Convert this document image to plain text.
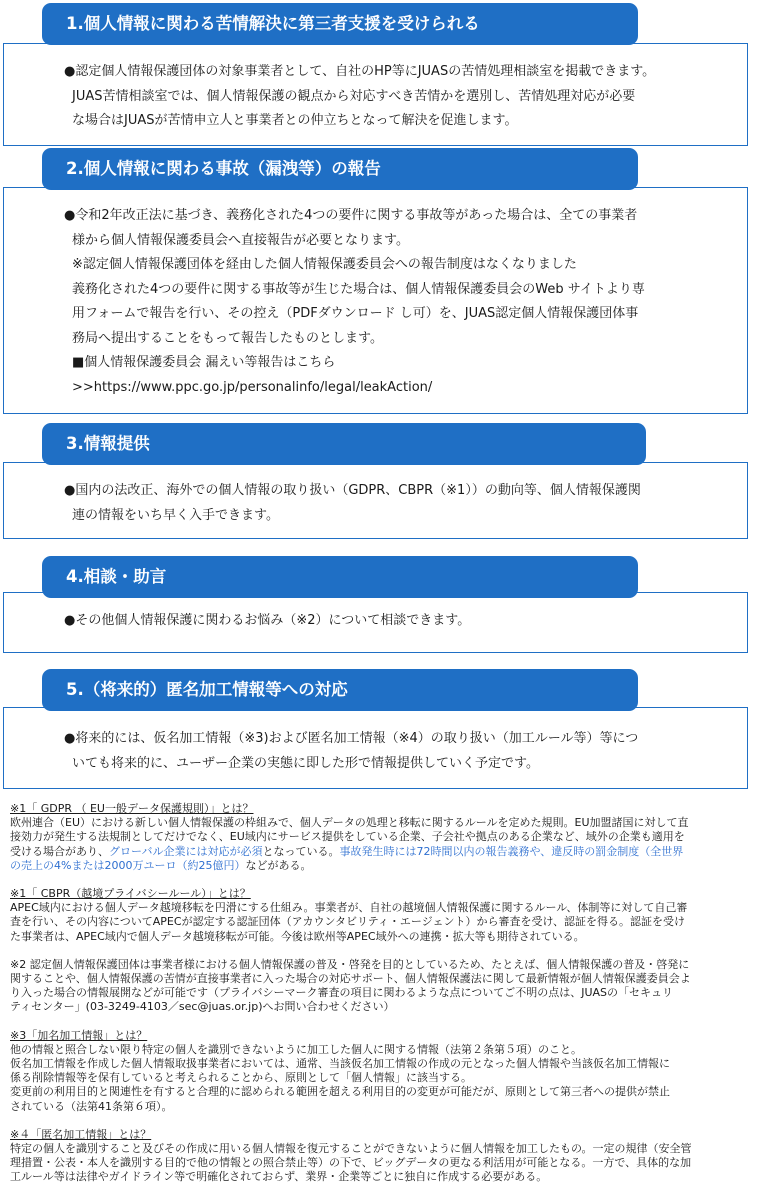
1.個人情報に関わる苦情解決に第三者支援を受けられる
●認定個人情報保護団体の対象事業者として、自社のHP等にJUASの苦情処理相談室を掲載できます。
JUAS苦情相談室では、個人情報保護の観点から対応すべき苦情かを選別し、苦情処理対応が必要
な場合はJUASが苦情申立人と事業者との仲立ちとなって解決を促進します。
2.個人情報に関わる事故（漏洩等）の報告
●令和2年改正法に基づき、義務化された4つの要件に関する事故等があった場合は、全ての事業者
様から個人情報保護委員会へ直接報告が必要となります。
※認定個人情報保護団体を経由した個人情報保護委員会への報告制度はなくなりました
義務化された4つの要件に関する事故等が生じた場合は、個人情報保護委員会のWeb サイトより専
用フォームで報告を行い、その控え（PDFダウンロード し可）を、JUAS認定個人情報保護団体事
務局へ提出することをもって報告したものとします。
■個人情報保護委員会 漏えい等報告はこちら
>>https://www.ppc.go.jp/personalinfo/legal/leakAction/
3.情報提供
●国内の法改正、海外での個人情報の取り扱い（GDPR、CBPR（※1））の動向等、個人情報保護関
連の情報をいち早く入手できます。
4.相談・助言
●その他個人情報保護に関わるお悩み（※2）について相談できます。
5.（将来的）匿名加工情報等への対応
●将来的には、仮名加工情報（※3)および匿名加工情報（※4）の取り扱い（加工ルール等）等につ
いても将来的に、ユーザー企業の実態に即した形で情報提供していく予定です。
※1「 GDPR （ EU一般データ保護規則）」とは？
欧州連合（EU）における新しい個人情報保護の枠組みで、個人データの処理と移転に関するルールを定めた規則。EU加盟諸国に対して直
接効力が発生する法規制としてだけでなく、EU域内にサービス提供をしている企業、子会社や拠点のある企業など、域外の企業も適用を
受ける場合があり、グローバル企業には対応が必須となっている。事故発生時には72時間以内の報告義務や、違反時の罰金制度（全世界
の売上の4%または2000万ユーロ（約25億円）などがある。
※1「 CBPR（越境プライバシールール）」とは？
APEC域内における個人データ越境移転を円滑にする仕組み。事業者が、自社の越境個人情報保護に関するルール、体制等に対して自己審
査を行い、その内容についてAPECが認定する認証団体（アカウンタビリティ・エージェント）から審査を受け、認証を得る。認証を受け
た事業者は、APEC域内で個人データ越境移転が可能。今後は欧州等APEC域外への連携・拡大等も期待されている。
※2 認定個人情報保護団体は事業者様における個人情報保護の普及・啓発を目的としているため、たとえば、個人情報保護の普及・啓発に
関することや、個人情報保護の苦情が直接事業者に入った場合の対応サポート、個人情報保護法に関して最新情報が個人情報保護委員会よ
り入った場合の情報展開などが可能です（プライバシーマーク審査の項目に関わるような点についてご不明の点は、JUASの「セキュリ
ティセンター」(03-3249-4103／sec@juas.or.jp)へお問い合わせください）
※3「加名加工情報」とは？
他の情報と照合しない限り特定の個人を識別できないように加工した個人に関する情報（法第２条第５項）のこと。
仮名加工情報を作成した個人情報取扱事業者においては、通常、当該仮名加工情報の作成の元となった個人情報や当該仮名加工情報に
係る削除情報等を保有していると考えられることから、原則として「個人情報」に該当する。
変更前の利用目的と関連性を有すると合理的に認められる範囲を超える利用目的の変更が可能だが、原則として第三者への提供が禁止
されている（法第41条第６項）。
※４「匿名加工情報」とは？
特定の個人を識別すること及びその作成に用いる個人情報を復元することができないように個人情報を加工したもの。一定の規律（安全管
理措置・公表・本人を識別する目的で他の情報との照合禁止等）の下で、ビッグデータの更なる利活用が可能となる。一方で、具体的な加
工ルール等は法律やガイドライン等で明確化されておらず、業界・企業等ごとに独自に作成する必要がある。
